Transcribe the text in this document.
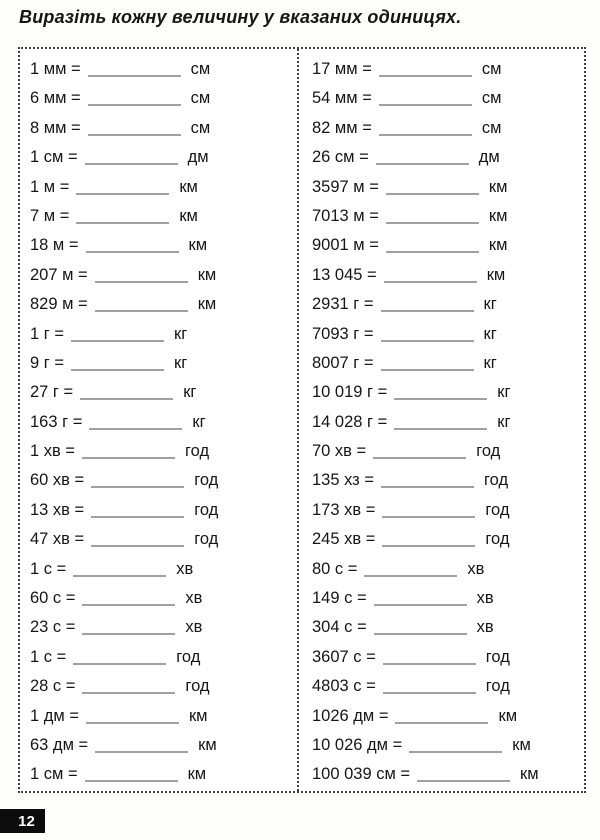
Виразіть кожну величину у вказаних одиницях.
1 мм =	см
6 мм =	см
8 мм =	см
1 см =	дм
1 м =	км
7 м =	км
18 м =	км
207 м =	км
829 м =	км
1 г =	кг
9 г =	кг
27 г =	кг
163 г =	кг
1 хв =	год
60 хв =	год
13 хв =	год
47 хв =	год
1 с =	хв
60 с =	хв
23 с =	хв
1 с =	год
28 с =	год
1 дм =	км
63 дм =	км
1 см =	км
17 мм =	см
54 мм =	см
82 мм =	см
26 см =	дм
3597 м =	км
7013 м =	км
9001 м =	км
13 045 =	км
2931 г =	кг
7093 г =	кг
8007 г =	кг
10 019 г =	кг
14 028 г =	кг
70 хв =	год
135 хз =	год
173 хв =	год
245 хв =	год
80 с =	хв
149 с =	хв
304 с =	хв
3607 с =	год
4803 с =	год
1026 дм =	км
10 026 дм =	км
100 039 см =	км
12
